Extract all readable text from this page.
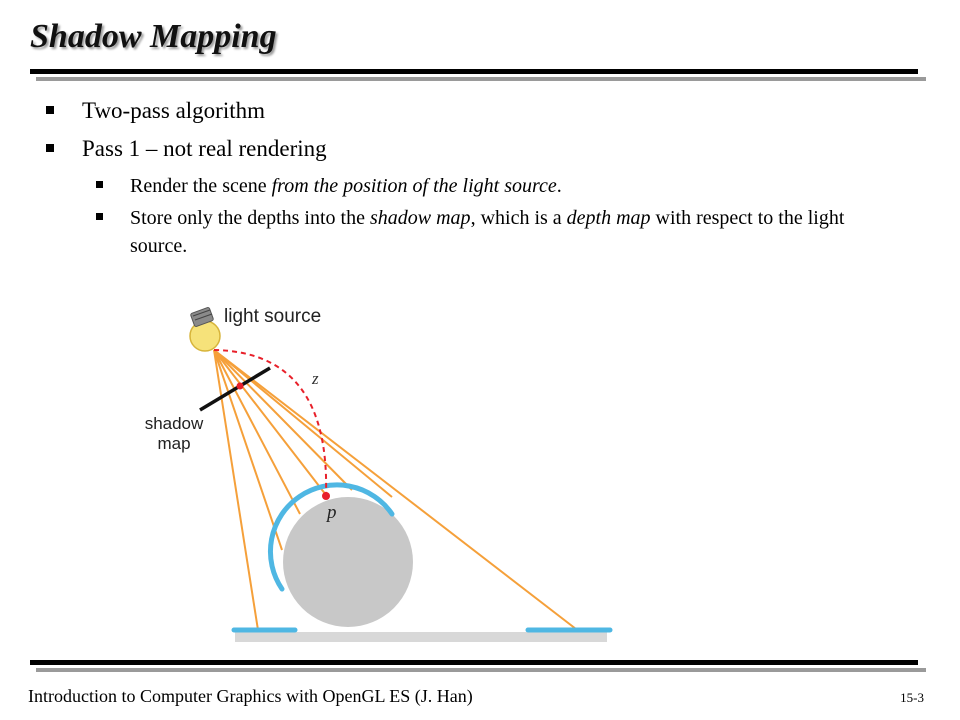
Shadow Mapping
Two-pass algorithm
Pass 1 – not real rendering
Render the scene from the position of the light source.
Store only the depths into the shadow map, which is a depth map with respect to the light source.
light source
z
shadow
map
p
Introduction to Computer Graphics with OpenGL ES (J. Han)	15-3
